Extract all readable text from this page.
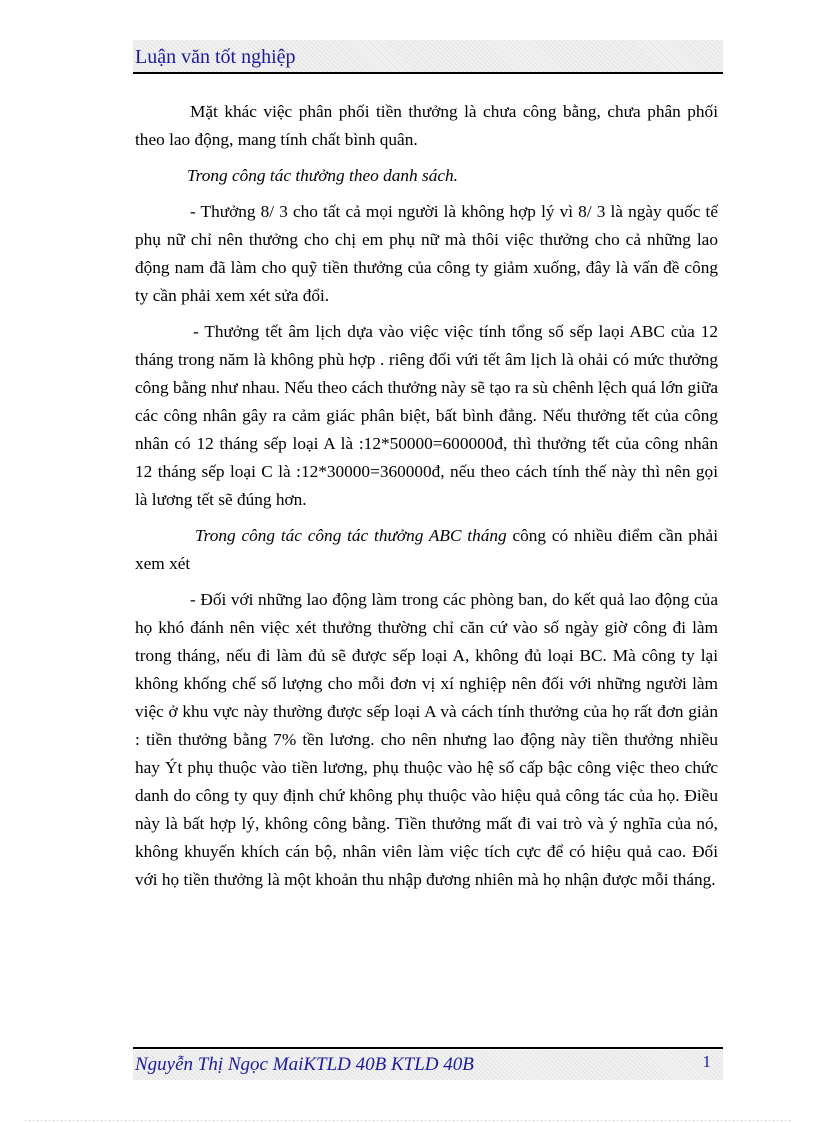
Luận văn tốt nghiệp

Mặt khác việc phân phối tiền thưởng là chưa công bằng, chưa phân phối theo lao động, mang tính chất bình quân.

Trong công tác thưởng theo danh sách.

- Thưởng 8/ 3 cho tất cả mọi người là không hợp lý vì 8/ 3 là ngày quốc tế phụ nữ chỉ nên thưởng cho chị em phụ nữ mà thôi việc thưởng cho cả những lao động nam đã làm cho quỹ tiền thưởng của công ty giảm xuống, đây là vấn đề công ty cần phải xem xét sửa đổi.

- Thưởng tết âm lịch dựa vào việc việc tính tổng số sếp laọi ABC của 12 tháng trong năm là không phù hợp . riêng đối vứi tết âm lịch là ohải có mức thưởng công bằng như nhau. Nếu theo cách thưởng này sẽ tạo ra sù chênh lệch quá lớn giữa các công nhân gây ra cảm giác phân biệt, bất bình đẳng. Nếu thưởng tết của công nhân có 12 tháng sếp loại A là :12*50000=600000đ, thì thưởng tết của công nhân 12 tháng sếp loại C là :12*30000=360000đ, nếu theo cách tính thế này thì nên gọi là lương tết sẽ đúng hơn.

Trong công tác công tác thưởng ABC tháng công có nhiều điểm cần phải xem xét

- Đối với những lao động làm trong các phòng ban, do kết quả lao động của họ khó đánh nên việc xét thưởng thường chỉ căn cứ vào số ngày giờ công đi làm trong tháng, nếu đi làm đủ sẽ được sếp loại A, không đủ loại BC. Mà công ty lại không khống chế số lượng cho mỗi đơn vị xí nghiệp nên đối với những người làm việc ở khu vực này thường được sếp loại A và cách tính thưởng của họ rất đơn giản : tiền thưởng bằng 7% tền lương. cho nên nhưng lao động này tiền thưởng nhiều hay Ýt phụ thuộc vào tiền lương, phụ thuộc vào hệ số cấp bậc công việc theo chức danh do công ty quy định chứ không phụ thuộc vào hiệu quả công tác của họ. Điều này là bất hợp lý, không công bằng. Tiền thưởng mất đi vai trò và ý nghĩa của nó, không khuyến khích cán bộ, nhân viên làm việc tích cực để có hiệu quả cao. Đối với họ tiền thưởng là một khoản thu nhập đương nhiên mà họ nhận được mỗi tháng.

Nguyễn Thị Ngọc MaiKTLD 40B KTLD 40B	1
